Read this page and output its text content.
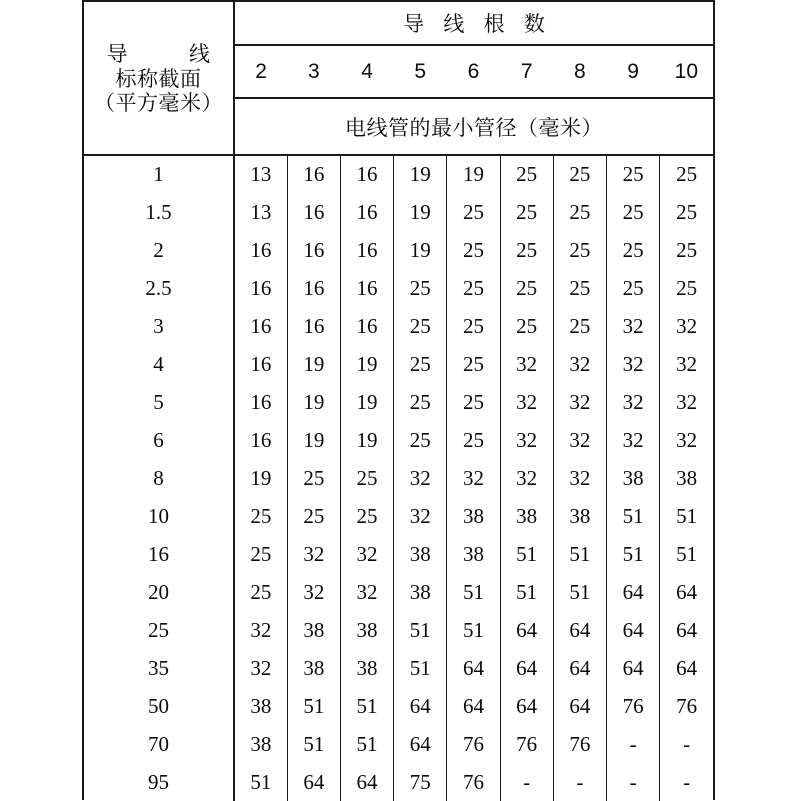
导线
标称截面
（平方毫米）	导 线 根 数								
	2	3	4	5	6	7	8	9	10
	电线管的最小管径（毫米）								
1	13	16	16	19	19	25	25	25	25
1.5	13	16	16	19	25	25	25	25	25
2	16	16	16	19	25	25	25	25	25
2.5	16	16	16	25	25	25	25	25	25
3	16	16	16	25	25	25	25	32	32
4	16	19	19	25	25	32	32	32	32
5	16	19	19	25	25	32	32	32	32
6	16	19	19	25	25	32	32	32	32
8	19	25	25	32	32	32	32	38	38
10	25	25	25	32	38	38	38	51	51
16	25	32	32	38	38	51	51	51	51
20	25	32	32	38	51	51	51	64	64
25	32	38	38	51	51	64	64	64	64
35	32	38	38	51	64	64	64	64	64
50	38	51	51	64	64	64	64	76	76
70	38	51	51	64	76	76	76	-	-
95	51	64	64	75	76	-	-	-	-
